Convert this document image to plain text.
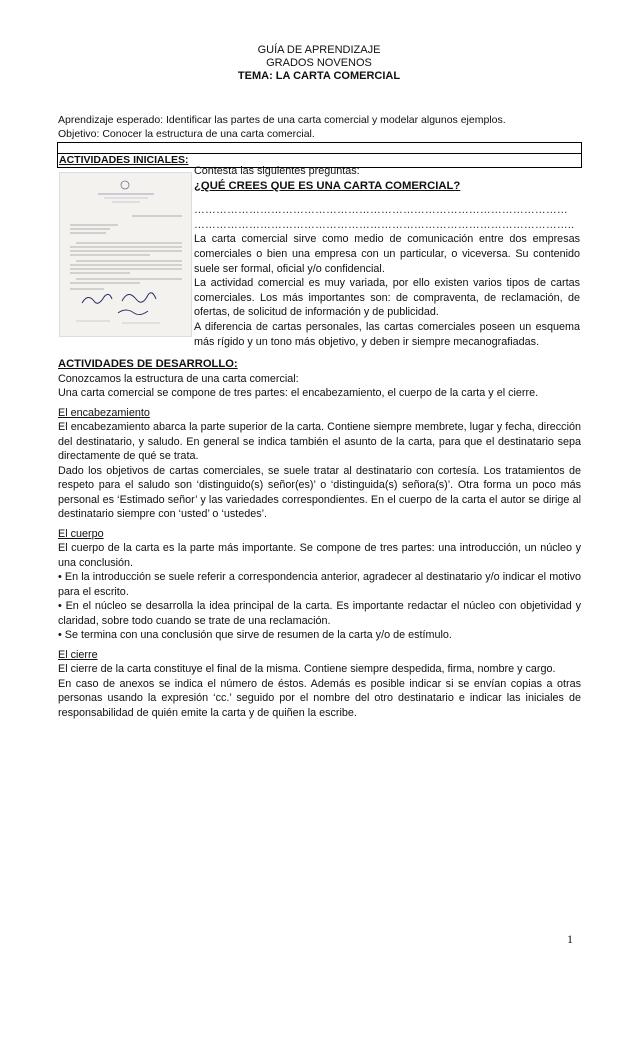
GUÍA DE APRENDIZAJE
GRADOS NOVENOS
TEMA: LA CARTA COMERCIAL
Aprendizaje esperado: Identificar las partes de una carta comercial y modelar algunos ejemplos.
Objetivo: Conocer la estructura de una carta comercial.
ACTIVIDADES INICIALES:
Contesta las siguientes preguntas:
¿QUÉ CREES QUE ES UNA CARTA COMERCIAL?
…………………………………………………………………………………………
…………………………………………………………………………………………..
La carta comercial sirve como medio de comunicación entre dos empresas comerciales o bien una empresa con un particular, o viceversa. Su contenido suele ser formal, oficial y/o confidencial.
La actividad comercial es muy variada, por ello existen varios tipos de cartas comerciales. Los más importantes son: de compraventa, de reclamación, de ofertas, de solicitud de información y de publicidad.
A diferencia de cartas personales, las cartas comerciales poseen un esquema más rígido y un tono más objetivo, y deben ir siempre mecanografiadas.
ACTIVIDADES DE DESARROLLO:

Conozcamos la estructura de una carta comercial:

Una carta comercial se compone de tres partes: el encabezamiento, el cuerpo de la carta y el cierre.

El encabezamiento

El encabezamiento abarca la parte superior de la carta. Contiene siempre membrete, lugar y fecha, dirección del destinatario, y saludo. En general se indica también el asunto de la carta, para que el destinatario sepa directamente de qué se trata.

Dado los objetivos de cartas comerciales, se suele tratar al destinatario con cortesía. Los tratamientos de respeto para el saludo son ‘distinguido(s) señor(es)’ o ‘distinguida(s) señora(s)’. Otra forma un poco más personal es ‘Estimado señor’ y las variedades correspondientes. En el cuerpo de la carta el autor se dirige al destinatario siempre con ‘usted’ o ‘ustedes’.

El cuerpo

El cuerpo de la carta es la parte más importante. Se compone de tres partes: una introducción, un núcleo y una conclusión.

• En la introducción se suele referir a correspondencia anterior, agradecer al destinatario y/o indicar el motivo para el escrito.

• En el núcleo se desarrolla la idea principal de la carta. Es importante redactar el núcleo con objetividad y claridad, sobre todo cuando se trate de una reclamación.

• Se termina con una conclusión que sirve de resumen de la carta y/o de estímulo.

El cierre

El cierre de la carta constituye el final de la misma. Contiene siempre despedida, firma, nombre y cargo.

En caso de anexos se indica el número de éstos. Además es posible indicar si se envían copias a otras personas usando la expresión ‘cc.’ seguido por el nombre del otro destinatario e indicar las iniciales de responsabilidad de quién emite la carta y de quiñen la escribe.

1
